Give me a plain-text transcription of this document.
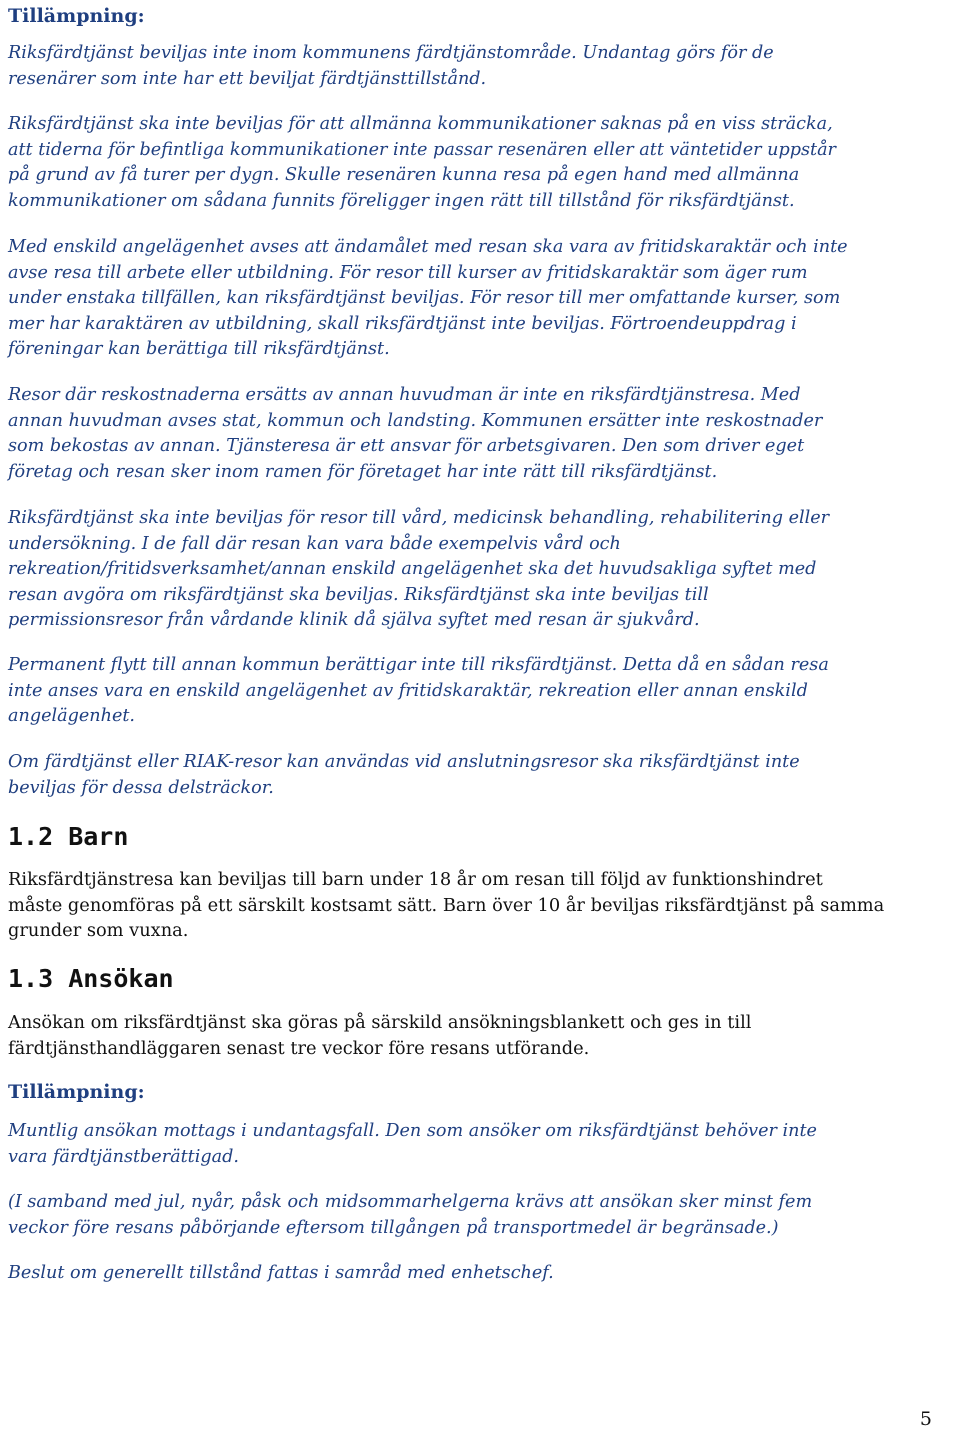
Tillämpning:

Riksfärdtjänst beviljas inte inom kommunens färdtjänstområde. Undantag görs för de
resenärer som inte har ett beviljat färdtjänsttillstånd.

Riksfärdtjänst ska inte beviljas för att allmänna kommunikationer saknas på en viss sträcka,
att tiderna för befintliga kommunikationer inte passar resenären eller att väntetider uppstår
på grund av få turer per dygn. Skulle resenären kunna resa på egen hand med allmänna
kommunikationer om sådana funnits föreligger ingen rätt till tillstånd för riksfärdtjänst.

Med enskild angelägenhet avses att ändamålet med resan ska vara av fritidskaraktär och inte
avse resa till arbete eller utbildning. För resor till kurser av fritidskaraktär som äger rum
under enstaka tillfällen, kan riksfärdtjänst beviljas. För resor till mer omfattande kurser, som
mer har karaktären av utbildning, skall riksfärdtjänst inte beviljas. Förtroendeuppdrag i
föreningar kan berättiga till riksfärdtjänst.

Resor där reskostnaderna ersätts av annan huvudman är inte en riksfärdtjänstresa. Med
annan huvudman avses stat, kommun och landsting. Kommunen ersätter inte reskostnader
som bekostas av annan. Tjänsteresa är ett ansvar för arbetsgivaren. Den som driver eget
företag och resan sker inom ramen för företaget har inte rätt till riksfärdtjänst.

Riksfärdtjänst ska inte beviljas för resor till vård, medicinsk behandling, rehabilitering eller
undersökning. I de fall där resan kan vara både exempelvis vård och
rekreation/fritidsverksamhet/annan enskild angelägenhet ska det huvudsakliga syftet med
resan avgöra om riksfärdtjänst ska beviljas. Riksfärdtjänst ska inte beviljas till
permissionsresor från vårdande klinik då själva syftet med resan är sjukvård.

Permanent flytt till annan kommun berättigar inte till riksfärdtjänst. Detta då en sådan resa
inte anses vara en enskild angelägenhet av fritidskaraktär, rekreation eller annan enskild
angelägenhet.

Om färdtjänst eller RIAK-resor kan användas vid anslutningsresor ska riksfärdtjänst inte
beviljas för dessa delsträckor.

1.2 Barn

Riksfärdtjänstresa kan beviljas till barn under 18 år om resan till följd av funktionshindret
måste genomföras på ett särskilt kostsamt sätt. Barn över 10 år beviljas riksfärdtjänst på samma
grunder som vuxna.

1.3 Ansökan

Ansökan om riksfärdtjänst ska göras på särskild ansökningsblankett och ges in till
färdtjänsthandläggaren senast tre veckor före resans utförande.

Tillämpning:

Muntlig ansökan mottags i undantagsfall. Den som ansöker om riksfärdtjänst behöver inte
vara färdtjänstberättigad.

(I samband med jul, nyår, påsk och midsommarhelgerna krävs att ansökan sker minst fem
veckor före resans påbörjande eftersom tillgången på transportmedel är begränsade.)

Beslut om generellt tillstånd fattas i samråd med enhetschef.

5
